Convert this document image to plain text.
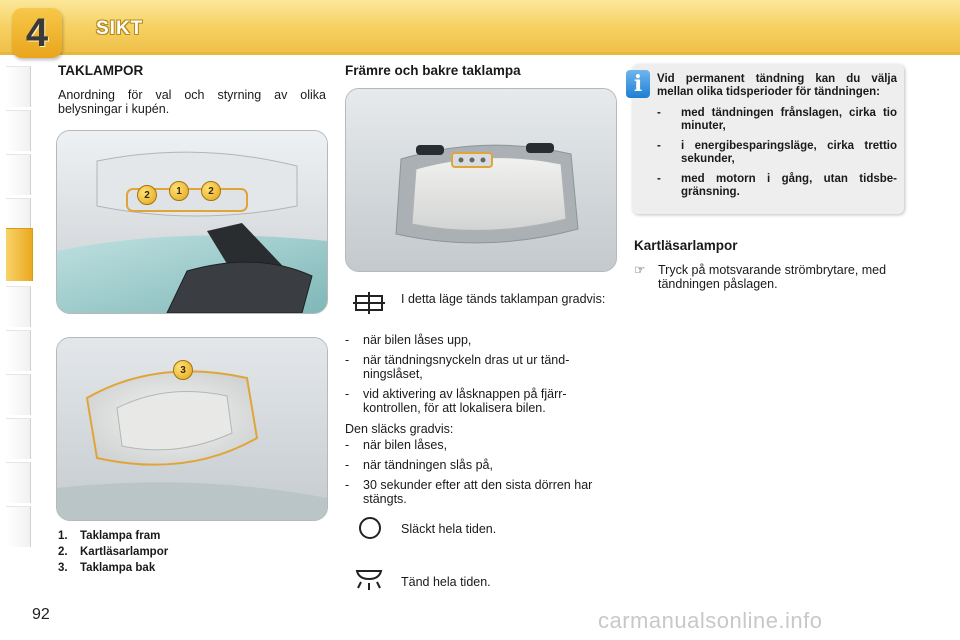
4	SIKT
TAKLAMPOR
Anordning för val och styrning av olika belysningar i kupén.
2	1	2
3
1. Taklampa fram
2. Kartläsarlampor
3. Taklampa bak
Främre och bakre taklampa
I detta läge tänds taklampan gradvis:
- när bilen låses upp,
- när tändningsnyckeln dras ut ur tänd-ningslåset,
- vid aktivering av låsknappen på fjärr-kontrollen, för att lokalisera bilen.
Den släcks gradvis:
- när bilen låses,
- när tändningen slås på,
- 30 sekunder efter att den sista dörren har stängts.
Släckt hela tiden.
Tänd hela tiden.
i	Vid permanent tändning kan du välja mellan olika tidsperioder för tändningen:
- med tändningen frånslagen, cirka tio minuter,
- i energibesparingsläge, cirka trettio sekunder,
- med motorn i gång, utan tidsbe-gränsning.
Kartläsarlampor
☞	Tryck på motsvarande strömbrytare, med tändningen påslagen.
92	carmanualsonline.info
